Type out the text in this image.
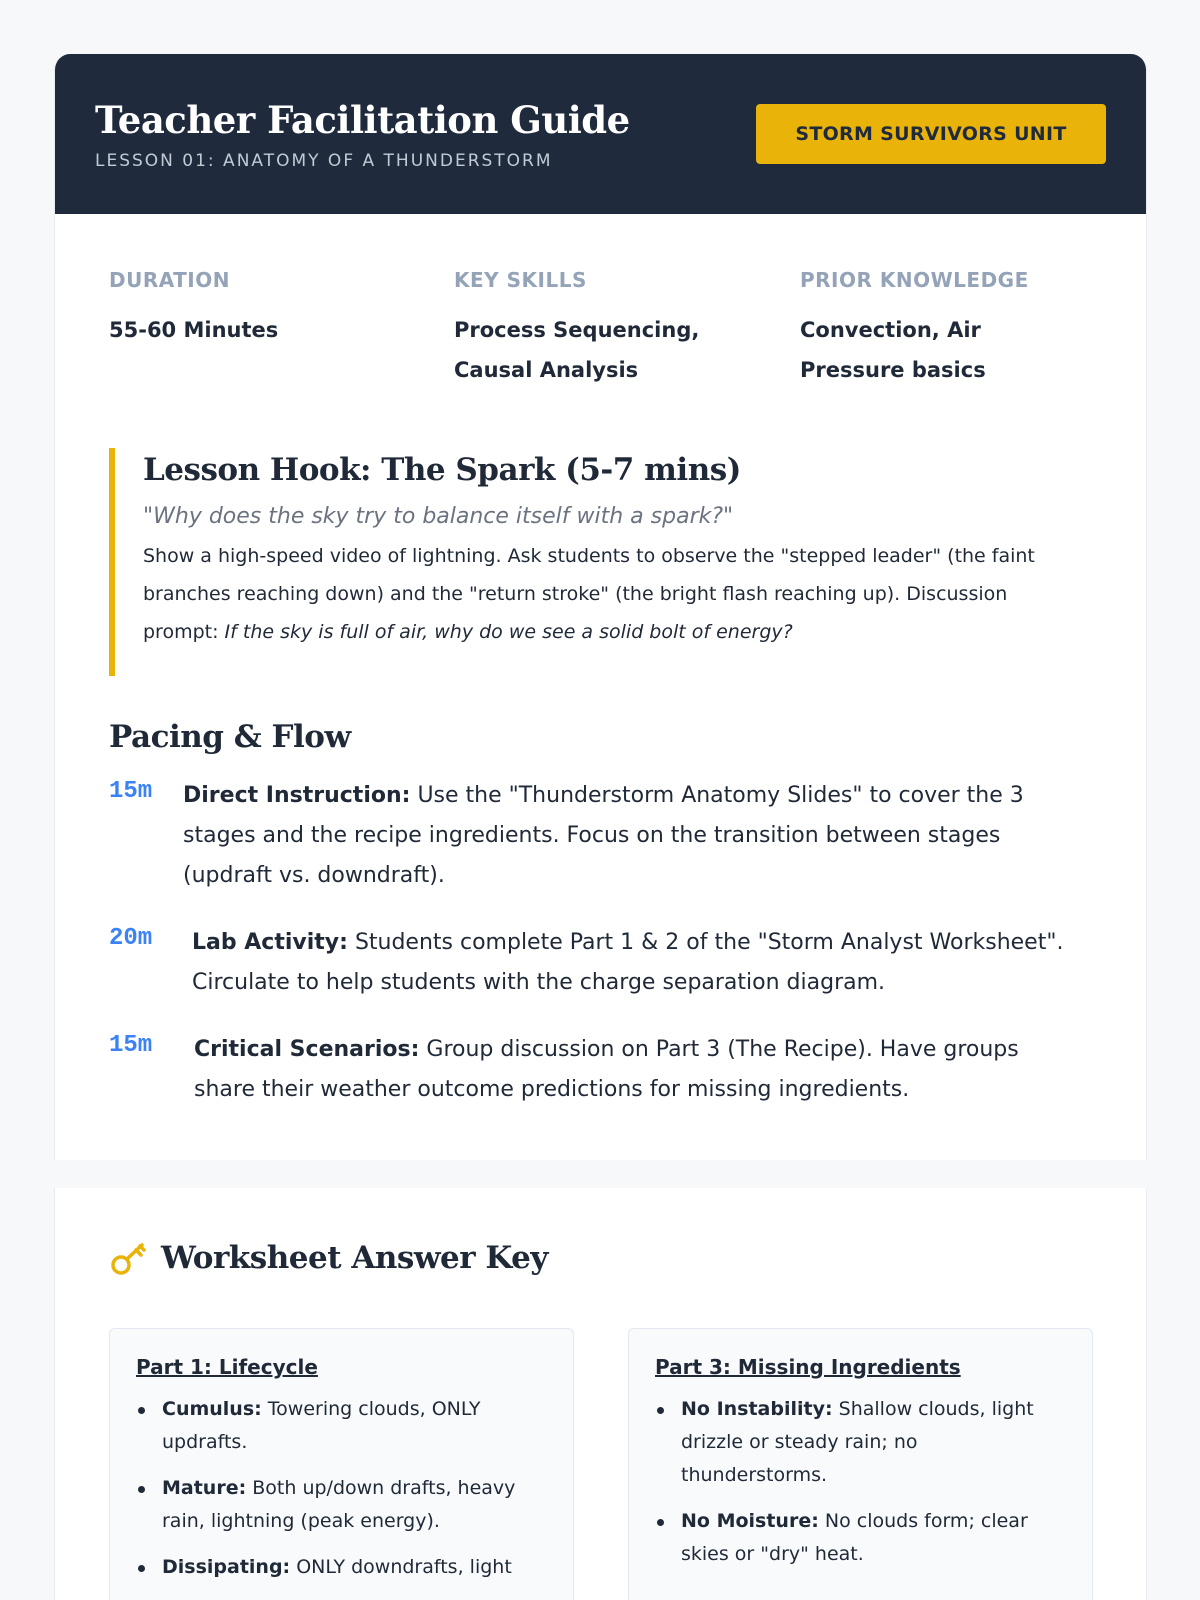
Teacher Facilitation Guide
LESSON 01: ANATOMY OF A THUNDERSTORM
STORM SURVIVORS UNIT
DURATION
55-60 Minutes
KEY SKILLS
Process Sequencing, Causal Analysis
PRIOR KNOWLEDGE
Convection, Air Pressure basics
Lesson Hook: The Spark (5-7 mins)
"Why does the sky try to balance itself with a spark?"
Show a high-speed video of lightning. Ask students to observe the "stepped leader" (the faint branches reaching down) and the "return stroke" (the bright flash reaching up). Discussion prompt: If the sky is full of air, why do we see a solid bolt of energy?
Pacing & Flow
15m Direct Instruction: Use the "Thunderstorm Anatomy Slides" to cover the 3 stages and the recipe ingredients. Focus on the transition between stages (updraft vs. downdraft).
20m Lab Activity: Students complete Part 1 & 2 of the "Storm Analyst Worksheet". Circulate to help students with the charge separation diagram.
15m Critical Scenarios: Group discussion on Part 3 (The Recipe). Have groups share their weather outcome predictions for missing ingredients.
Worksheet Answer Key
Part 1: Lifecycle
Cumulus: Towering clouds, ONLY updrafts.
Mature: Both up/down drafts, heavy rain, lightning (peak energy).
Dissipating: ONLY downdrafts, light
Part 3: Missing Ingredients
No Instability: Shallow clouds, light drizzle or steady rain; no thunderstorms.
No Moisture: No clouds form; clear skies or "dry" heat.
